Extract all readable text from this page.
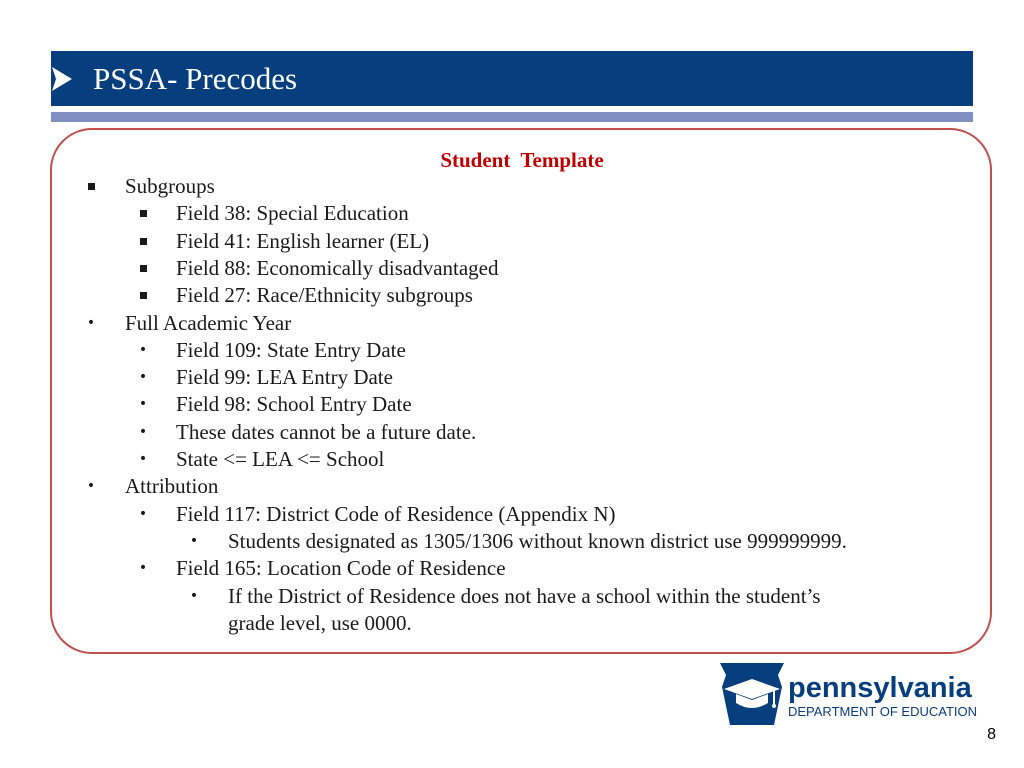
PSSA- Precodes
Student  Template
Subgroups
Field 38: Special Education
Field 41: English learner (EL)
Field 88: Economically disadvantaged
Field 27: Race/Ethnicity subgroups
• Full Academic Year
• Field 109: State Entry Date
• Field 99: LEA Entry Date
• Field 98: School Entry Date
• These dates cannot be a future date.
• State <= LEA <= School
• Attribution
• Field 117: District Code of Residence (Appendix N)
• Students designated as 1305/1306 without known district use 999999999.
• Field 165: Location Code of Residence
• If the District of Residence does not have a school within the student’s
grade level, use 0000.
pennsylvania
DEPARTMENT OF EDUCATION
8
